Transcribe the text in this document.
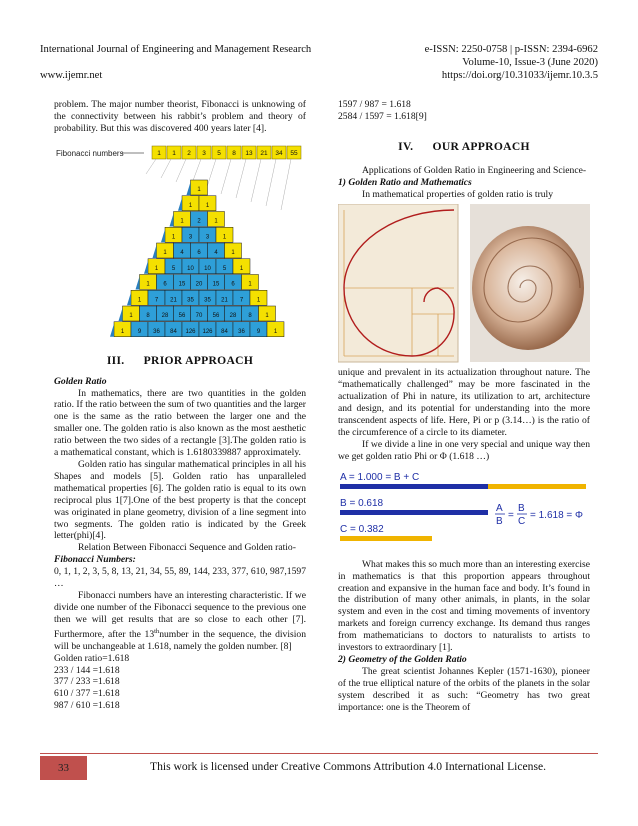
International Journal of Engineering and Management Research	e-ISSN: 2250-0758 | p-ISSN: 2394-6962
Volume-10, Issue-3 (June 2020)
www.ijemr.net	https://doi.org/10.31033/ijemr.10.3.5

problem. The major number theorist, Fibonacci is unknowing of the connectivity between his rabbit’s problem and theory of probability. But this was discovered 400 years later [4].

Fibonacci numbers	1 1 2 3 5 8 13 21 34 55
1
1 1
1 2 1
1 3 3 1
1 4 6 4 1
1 5 10 10 5 1
1 6 15 20 15 6 1
1 7 21 35 35 21 7 1
1 8 28 56 70 56 28 8 1
1 9 36 84 126 126 84 36 9 1
III.      PRIOR APPROACH

Golden Ratio

In mathematics, there are two quantities in the golden ratio. If the ratio between the sum of two quantities and the larger one is the same as the ratio between the larger one and the smaller one. The golden ratio is also known as the most aesthetic ratio between the two sides of a rectangle [3].The golden ratio is a mathematical constant, which is 1.6180339887 approximately.

Golden ratio has singular mathematical principles in all his Shapes and models [5]. Golden ratio has unparalleled mathematical properties [6]. The golden ratio is equal to its own reciprocal plus 1[7].One of the best property is that the concept was originated in plane geometry, division of a line segment into two segments. The golden ratio is indicated by the Greek letter(phi)[4].

Relation Between Fibonacci Sequence and Golden ratio-

Fibonacci Numbers:

0, 1, 1, 2, 3, 5, 8, 13, 21, 34, 55, 89, 144, 233, 377, 610, 987,1597 …

Fibonacci numbers have an interesting characteristic. If we divide one number of the Fibonacci sequence to the previous one then we will get results that are so close to each other [7]. Furthermore, after the 13thnumber in the sequence, the division will be unchangeable at 1.618, namely the golden number. [8]

Golden ratio=1.618
233 / 144 =1.618
377 / 233 =1.618
610 / 377 =1.618
987 / 610 =1.618
1597 / 987 = 1.618
2584 / 1597 = 1.618[9]
IV.      OUR APPROACH

Applications of Golden Ratio in Engineering and Science-

1) Golden Ratio and Mathematics

In mathematical properties of golden ratio is truly

unique and prevalent in its actualization throughout nature. The “mathematically challenged” may be more fascinated in the actualization of Phi in nature, its utilization to art, architecture and design, and its potential for understanding into the more transcendent aspects of life. Here, Pi or p (3.14…) is the ratio of the circumference of a circle to its diameter.

If we divide a line in one very special and unique way then we get golden ratio Phi or Φ (1.618 …)

A = 1.000 = B + C
B = 0.618
C = 0.382
A
B
=
B
C
= 1.618 = Φ

What makes this so much more than an interesting exercise in mathematics is that this proportion appears throughout creation and expansive in the human face and body. It’s found in the distribution of many other animals, in plants, in the solar system and even in the cost and timing movements of inventory markets and foreign currency exchange. Its demand thus ranges from mathematicians to doctors to naturalists to artists to investors to extraordinary [1].

2) Geometry of the Golden Ratio

The great scientist Johannes Kepler (1571-1630), pioneer of the true elliptical nature of the orbits of the planets in the solar system described it as such: “Geometry has two great importance: one is the Theorem of

33	This work is licensed under Creative Commons Attribution 4.0 International License.
